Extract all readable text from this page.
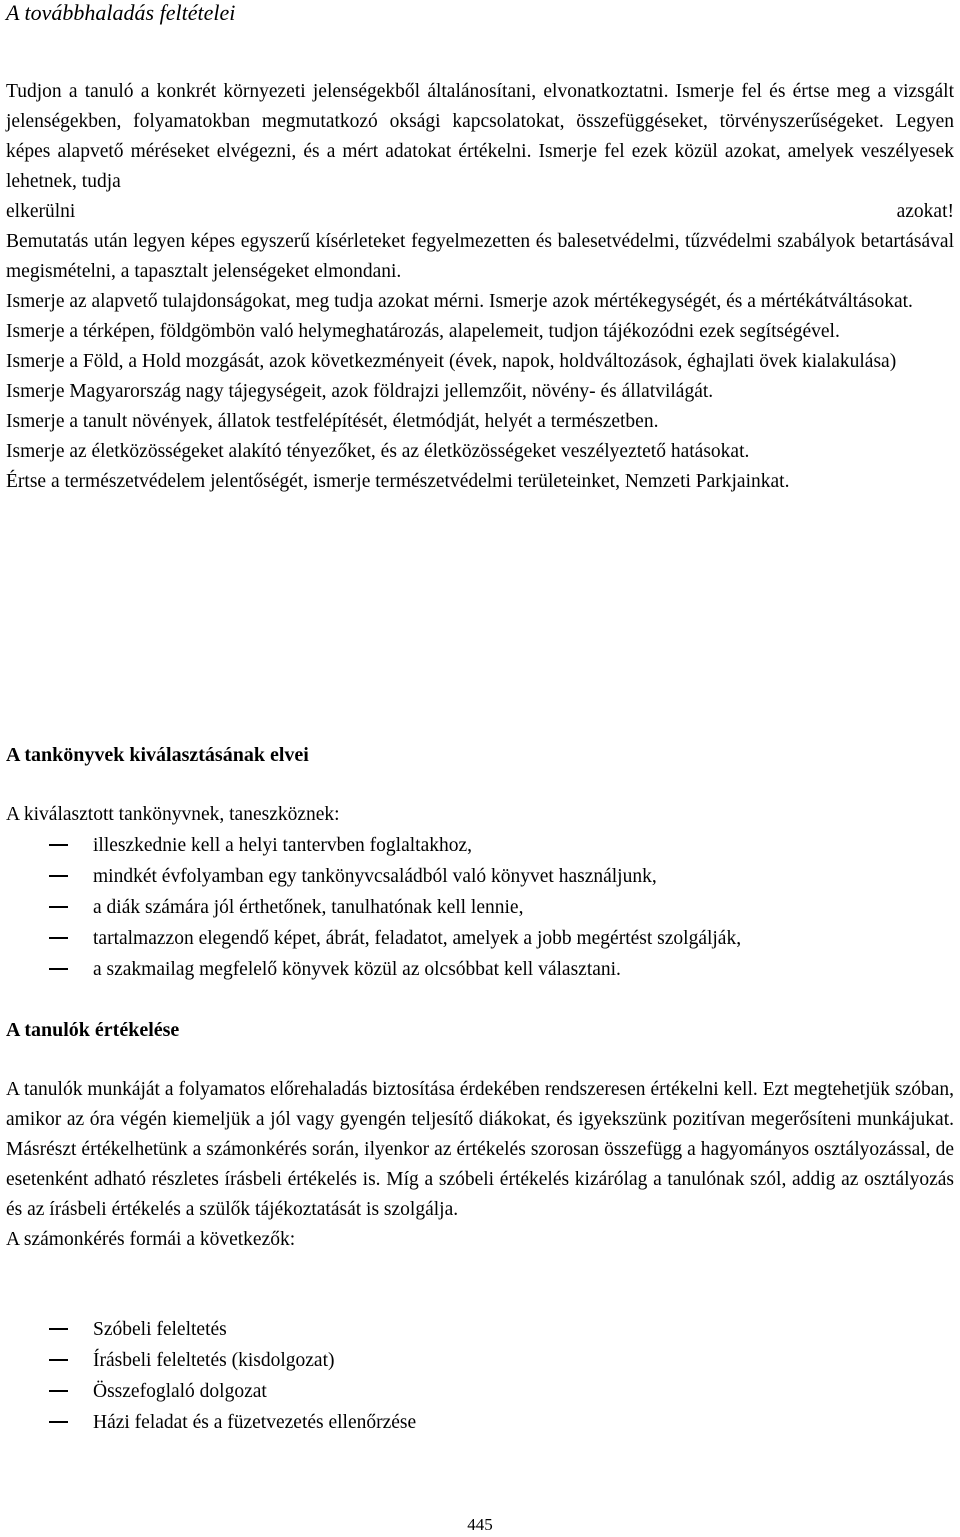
A továbbhaladás feltételei

Tudjon a tanuló a konkrét környezeti jelenségekből általánosítani, elvonatkoztatni. Ismerje fel és értse meg a vizsgált jelenségekben, folyamatokban megmutatkozó oksági kapcsolatokat, összefüggéseket, törvényszerűségeket. Legyen képes alapvető méréseket elvégezni, és a mért adatokat értékelni. Ismerje fel ezek közül azokat, amelyek veszélyesek lehetnek, tudja

elkerülni	azokat!

Bemutatás után legyen képes egyszerű kísérleteket fegyelmezetten és balesetvédelmi, tűzvédelmi szabályok betartásával megismételni, a tapasztalt jelenségeket elmondani.

Ismerje az alapvető tulajdonságokat, meg tudja azokat mérni. Ismerje azok mértékegységét, és a mértékátváltásokat.

Ismerje a térképen, földgömbön való helymeghatározás, alapelemeit, tudjon tájékozódni ezek segítségével.

Ismerje a Föld, a Hold mozgását, azok következményeit (évek, napok, holdváltozások, éghajlati övek kialakulása)

Ismerje Magyarország nagy tájegységeit, azok földrajzi jellemzőit, növény- és állatvilágát.

Ismerje a tanult növények, állatok testfelépítését, életmódját, helyét a természetben.

Ismerje az életközösségeket alakító tényezőket, és az életközösségeket veszélyeztető hatásokat.

Értse a természetvédelem jelentőségét, ismerje természetvédelmi területeinket, Nemzeti Parkjainkat.

A tankönyvek kiválasztásának elvei
A kiválasztott tankönyvnek, taneszköznek:
illeszkednie kell a helyi tantervben foglaltakhoz,
mindkét évfolyamban egy tankönyvcsaládból való könyvet használjunk,
a diák számára jól érthetőnek, tanulhatónak kell lennie,
tartalmazzon elegendő képet, ábrát, feladatot, amelyek a jobb megértést szolgálják,
a szakmailag megfelelő könyvek közül az olcsóbbat kell választani.
A tanulók értékelése

A tanulók munkáját a folyamatos előrehaladás biztosítása érdekében rendszeresen értékelni kell. Ezt megtehetjük szóban, amikor az óra végén kiemeljük a jól vagy gyengén teljesítő diákokat, és igyekszünk pozitívan megerősíteni munkájukat. Másrészt értékelhetünk a számonkérés során, ilyenkor az értékelés szorosan összefügg a hagyományos osztályozással, de esetenként adható részletes írásbeli értékelés is. Míg a szóbeli értékelés kizárólag a tanulónak szól, addig az osztályozás és az írásbeli értékelés a szülők tájékoztatását is szolgálja.

A számonkérés formái a következők:

Szóbeli feleltetés
Írásbeli feleltetés (kisdolgozat)
Összefoglaló dolgozat
Házi feladat és a füzetvezetés ellenőrzése
445
